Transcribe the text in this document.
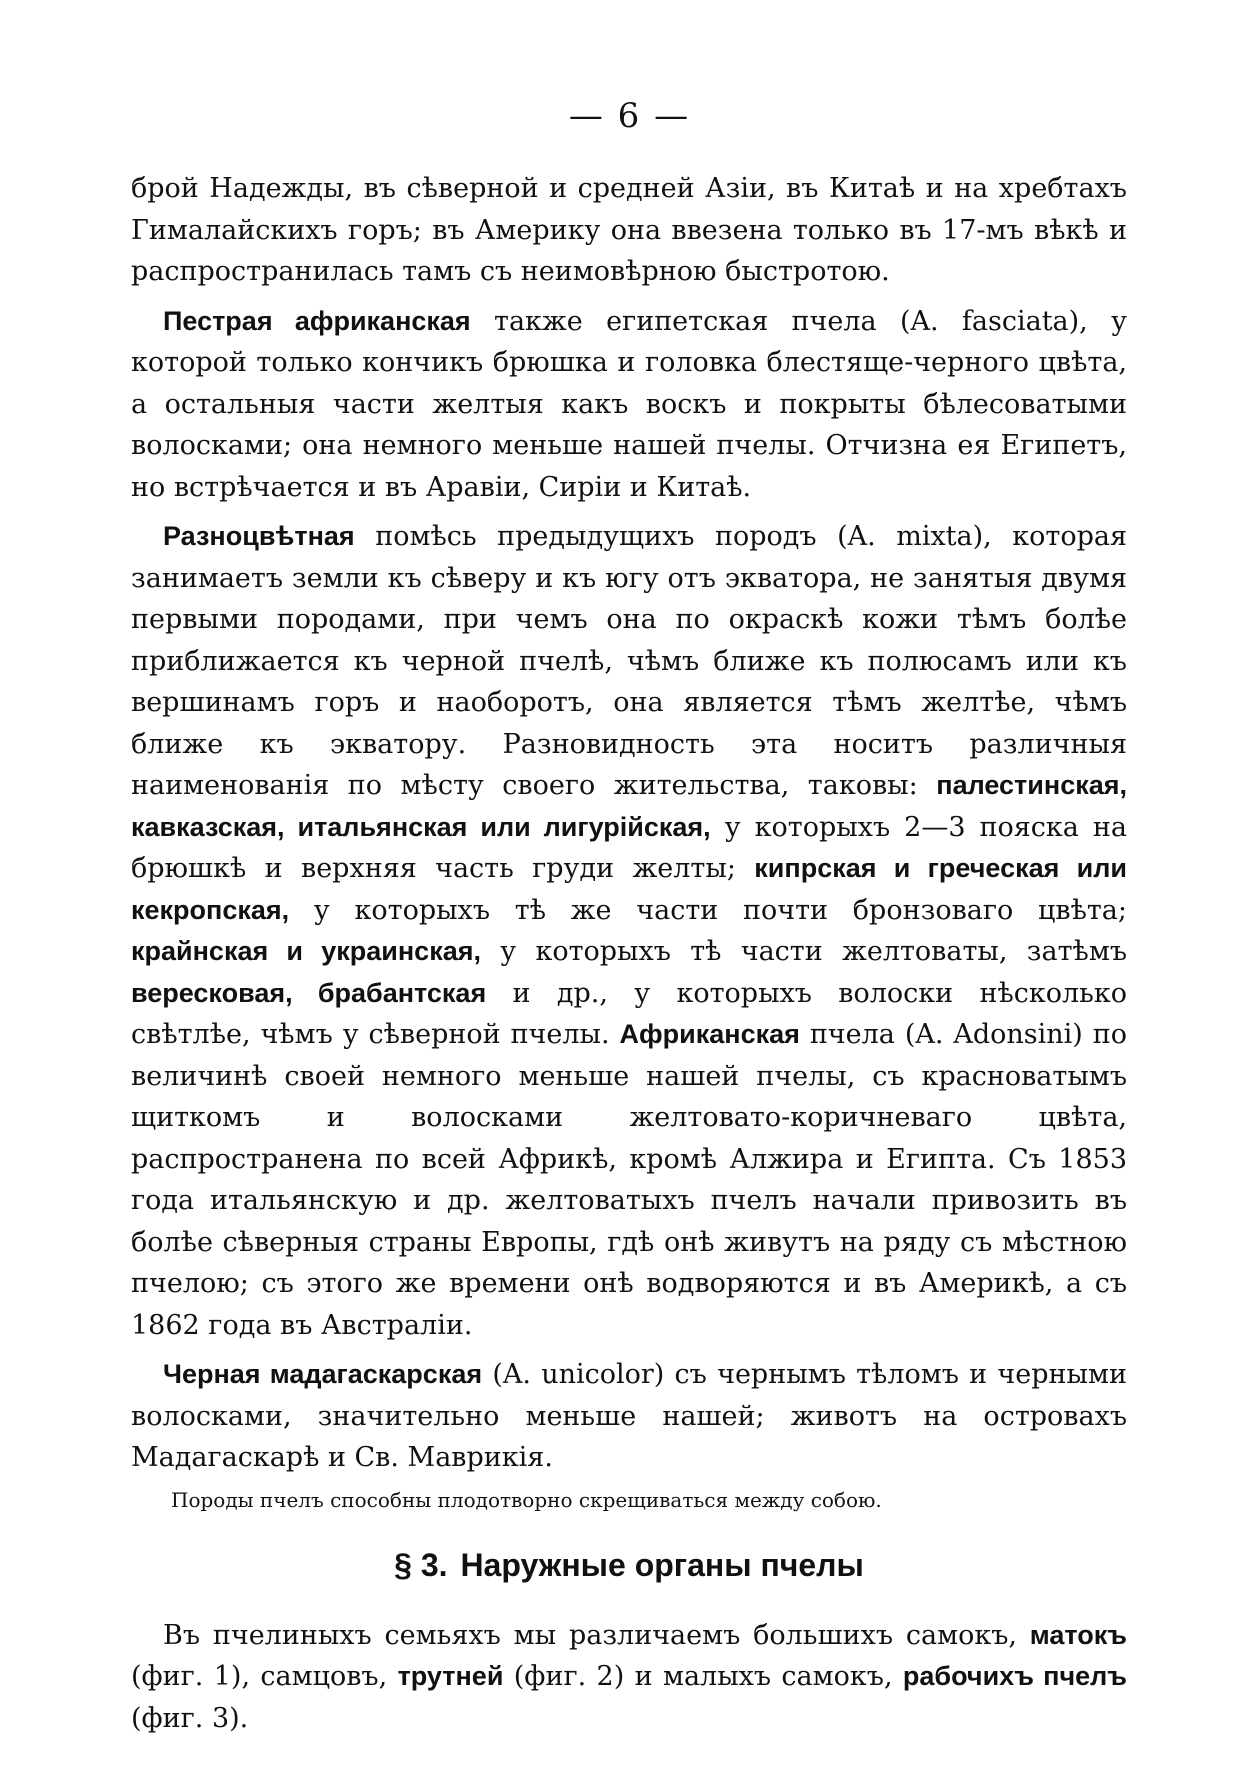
— 6 —

брой Надежды, въ сѣверной и средней Азіи, въ Китаѣ и на хребтахъ Гималайскихъ горъ; въ Америку она ввезена только въ 17-мъ вѣкѣ и распространилась тамъ съ неимовѣрною быстротою.

Пестрая африканская также египетская пчела (A. fasciata), у которой только кончикъ брюшка и головка блестяще-черного цвѣта, а остальныя части желтыя какъ воскъ и покрыты бѣлесоватыми волосками; она немного меньше нашей пчелы. Отчизна ея Египетъ, но встрѣчается и въ Аравіи, Сиріи и Китаѣ.

Разноцвѣтная помѣсь предыдущихъ породъ (A. mixta), которая занимаетъ земли къ сѣверу и къ югу отъ экватора, не занятыя двумя первыми породами, при чемъ она по окраскѣ кожи тѣмъ болѣе приближается къ черной пчелѣ, чѣмъ ближе къ полюсамъ или къ вершинамъ горъ и наоборотъ, она является тѣмъ желтѣе, чѣмъ ближе къ экватору. Разновидность эта носитъ различныя наименованія по мѣсту своего жительства, таковы: палестинская, кавказская, итальянская или лигурійская, у которыхъ 2—3 пояска на брюшкѣ и верхняя часть груди желты; кипрская и греческая или кекропская, у которыхъ тѣ же части почти бронзоваго цвѣта; крайнская и украинская, у которыхъ тѣ части желтоваты, затѣмъ вересковая, брабантская и др., у которыхъ волоски нѣсколько свѣтлѣе, чѣмъ у сѣверной пчелы. Африканская пчела (A. Adonsini) по величинѣ своей немного меньше нашей пчелы, съ красноватымъ щиткомъ и волосками желтовато-коричневаго цвѣта, распространена по всей Африкѣ, кромѣ Алжира и Египта. Съ 1853 года итальянскую и др. желтоватыхъ пчелъ начали привозить въ болѣе сѣверныя страны Европы, гдѣ онѣ живутъ на ряду съ мѣстною пчелою; съ этого же времени онѣ водворяются и въ Америкѣ, а съ 1862 года въ Австраліи.

Черная мадагаскарская (A. unicolor) съ чернымъ тѣломъ и черными волосками, значительно меньше нашей; животъ на островахъ Мадагаскарѣ и Св. Маврикія.

Породы пчелъ способны плодотворно скрещиваться между собою.

§ 3. Наружные органы пчелы

Въ пчелиныхъ семьяхъ мы различаемъ большихъ самокъ, матокъ (фиг. 1), самцовъ, трутней (фиг. 2) и малыхъ самокъ, рабочихъ пчелъ (фиг. 3).
